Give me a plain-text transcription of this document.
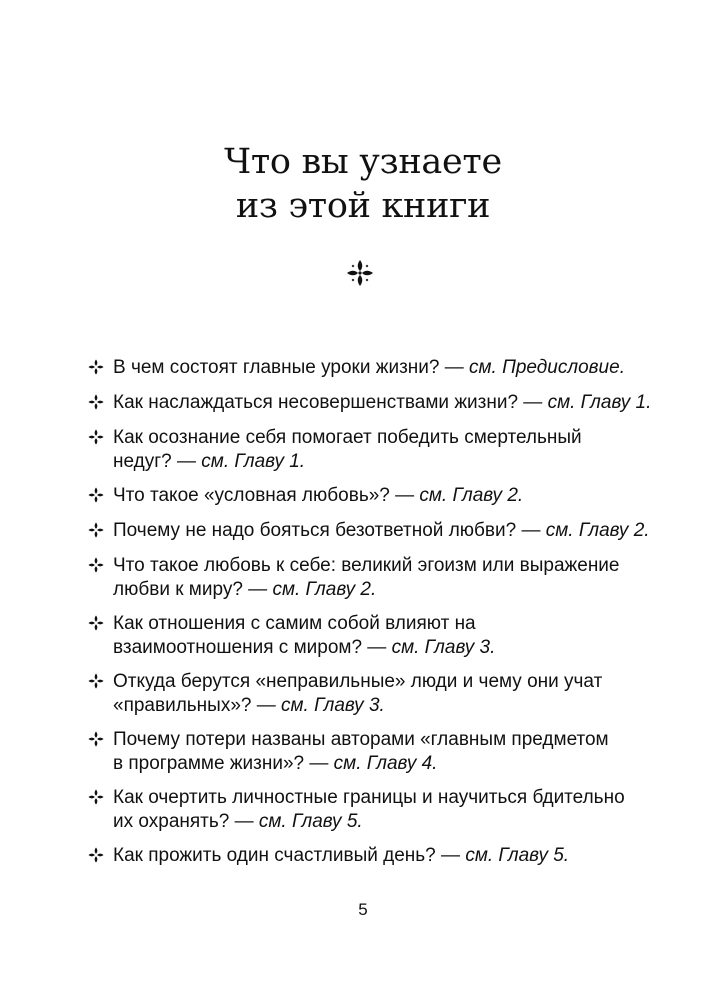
Что вы узнаете
из этой книги
В чем состоят главные уроки жизни? — см. Предисловие.
Как наслаждаться несовершенствами жизни? — см. Главу 1.
Как осознание себя помогает победить смертельный
недуг? — см. Главу 1.
Что такое «условная любовь»? — см. Главу 2.
Почему не надо бояться безответной любви? — см. Главу 2.
Что такое любовь к себе: великий эгоизм или выражение
любви к миру? — см. Главу 2.
Как отношения с самим собой влияют на
взаимоотношения с миром? — см. Главу 3.
Откуда берутся «неправильные» люди и чему они учат
«правильных»? — см. Главу 3.
Почему потери названы авторами «главным предметом
в программе жизни»? — см. Главу 4.
Как очертить личностные границы и научиться бдительно
их охранять? — см. Главу 5.
Как прожить один счастливый день? — см. Главу 5.
5
